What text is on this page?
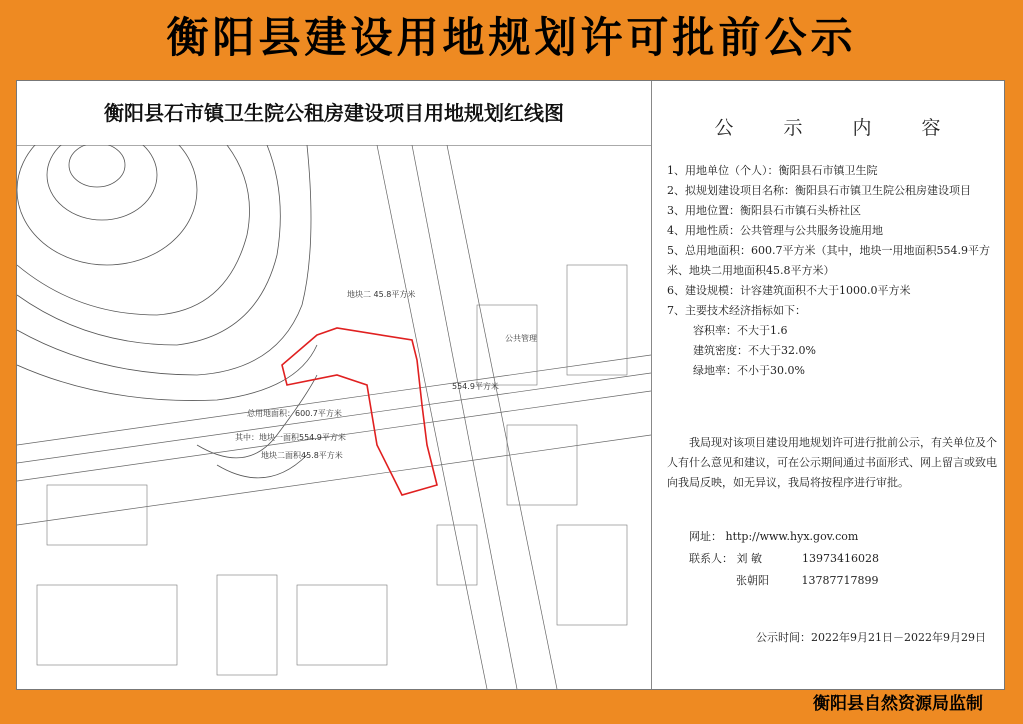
衡阳县建设用地规划许可批前公示
衡阳县石市镇卫生院公租房建设项目用地规划红线图
地块二 45.8平方米
554.9平方米
总用地面积：600.7平方米
其中：地块一面积554.9平方米
地块二面积45.8平方米
公共管理
公 示 内 容

1、用地单位（个人）：衡阳县石市镇卫生院

2、拟规划建设项目名称：衡阳县石市镇卫生院公租房建设项目

3、用地位置：衡阳县石市镇石头桥社区

4、用地性质：公共管理与公共服务设施用地

5、总用地面积：600.7平方米（其中，地块一用地面积554.9平方米、地块二用地面积45.8平方米）

6、建设规模：计容建筑面积不大于1000.0平方米

7、主要技术经济指标如下：

容积率：不大于1.6

建筑密度：不大于32.0%

绿地率：不小于30.0%

我局现对该项目建设用地规划许可进行批前公示，有关单位及个人有什么意见和建议，可在公示期间通过书面形式、网上留言或致电向我局反映，如无异议，我局将按程序进行审批。
网址： http://www.hyx.gov.com
联系人： 刘 敏	13973416028
张朝阳	13787717899
公示时间：2022年9月21日－2022年9月29日
衡阳县自然资源局监制
